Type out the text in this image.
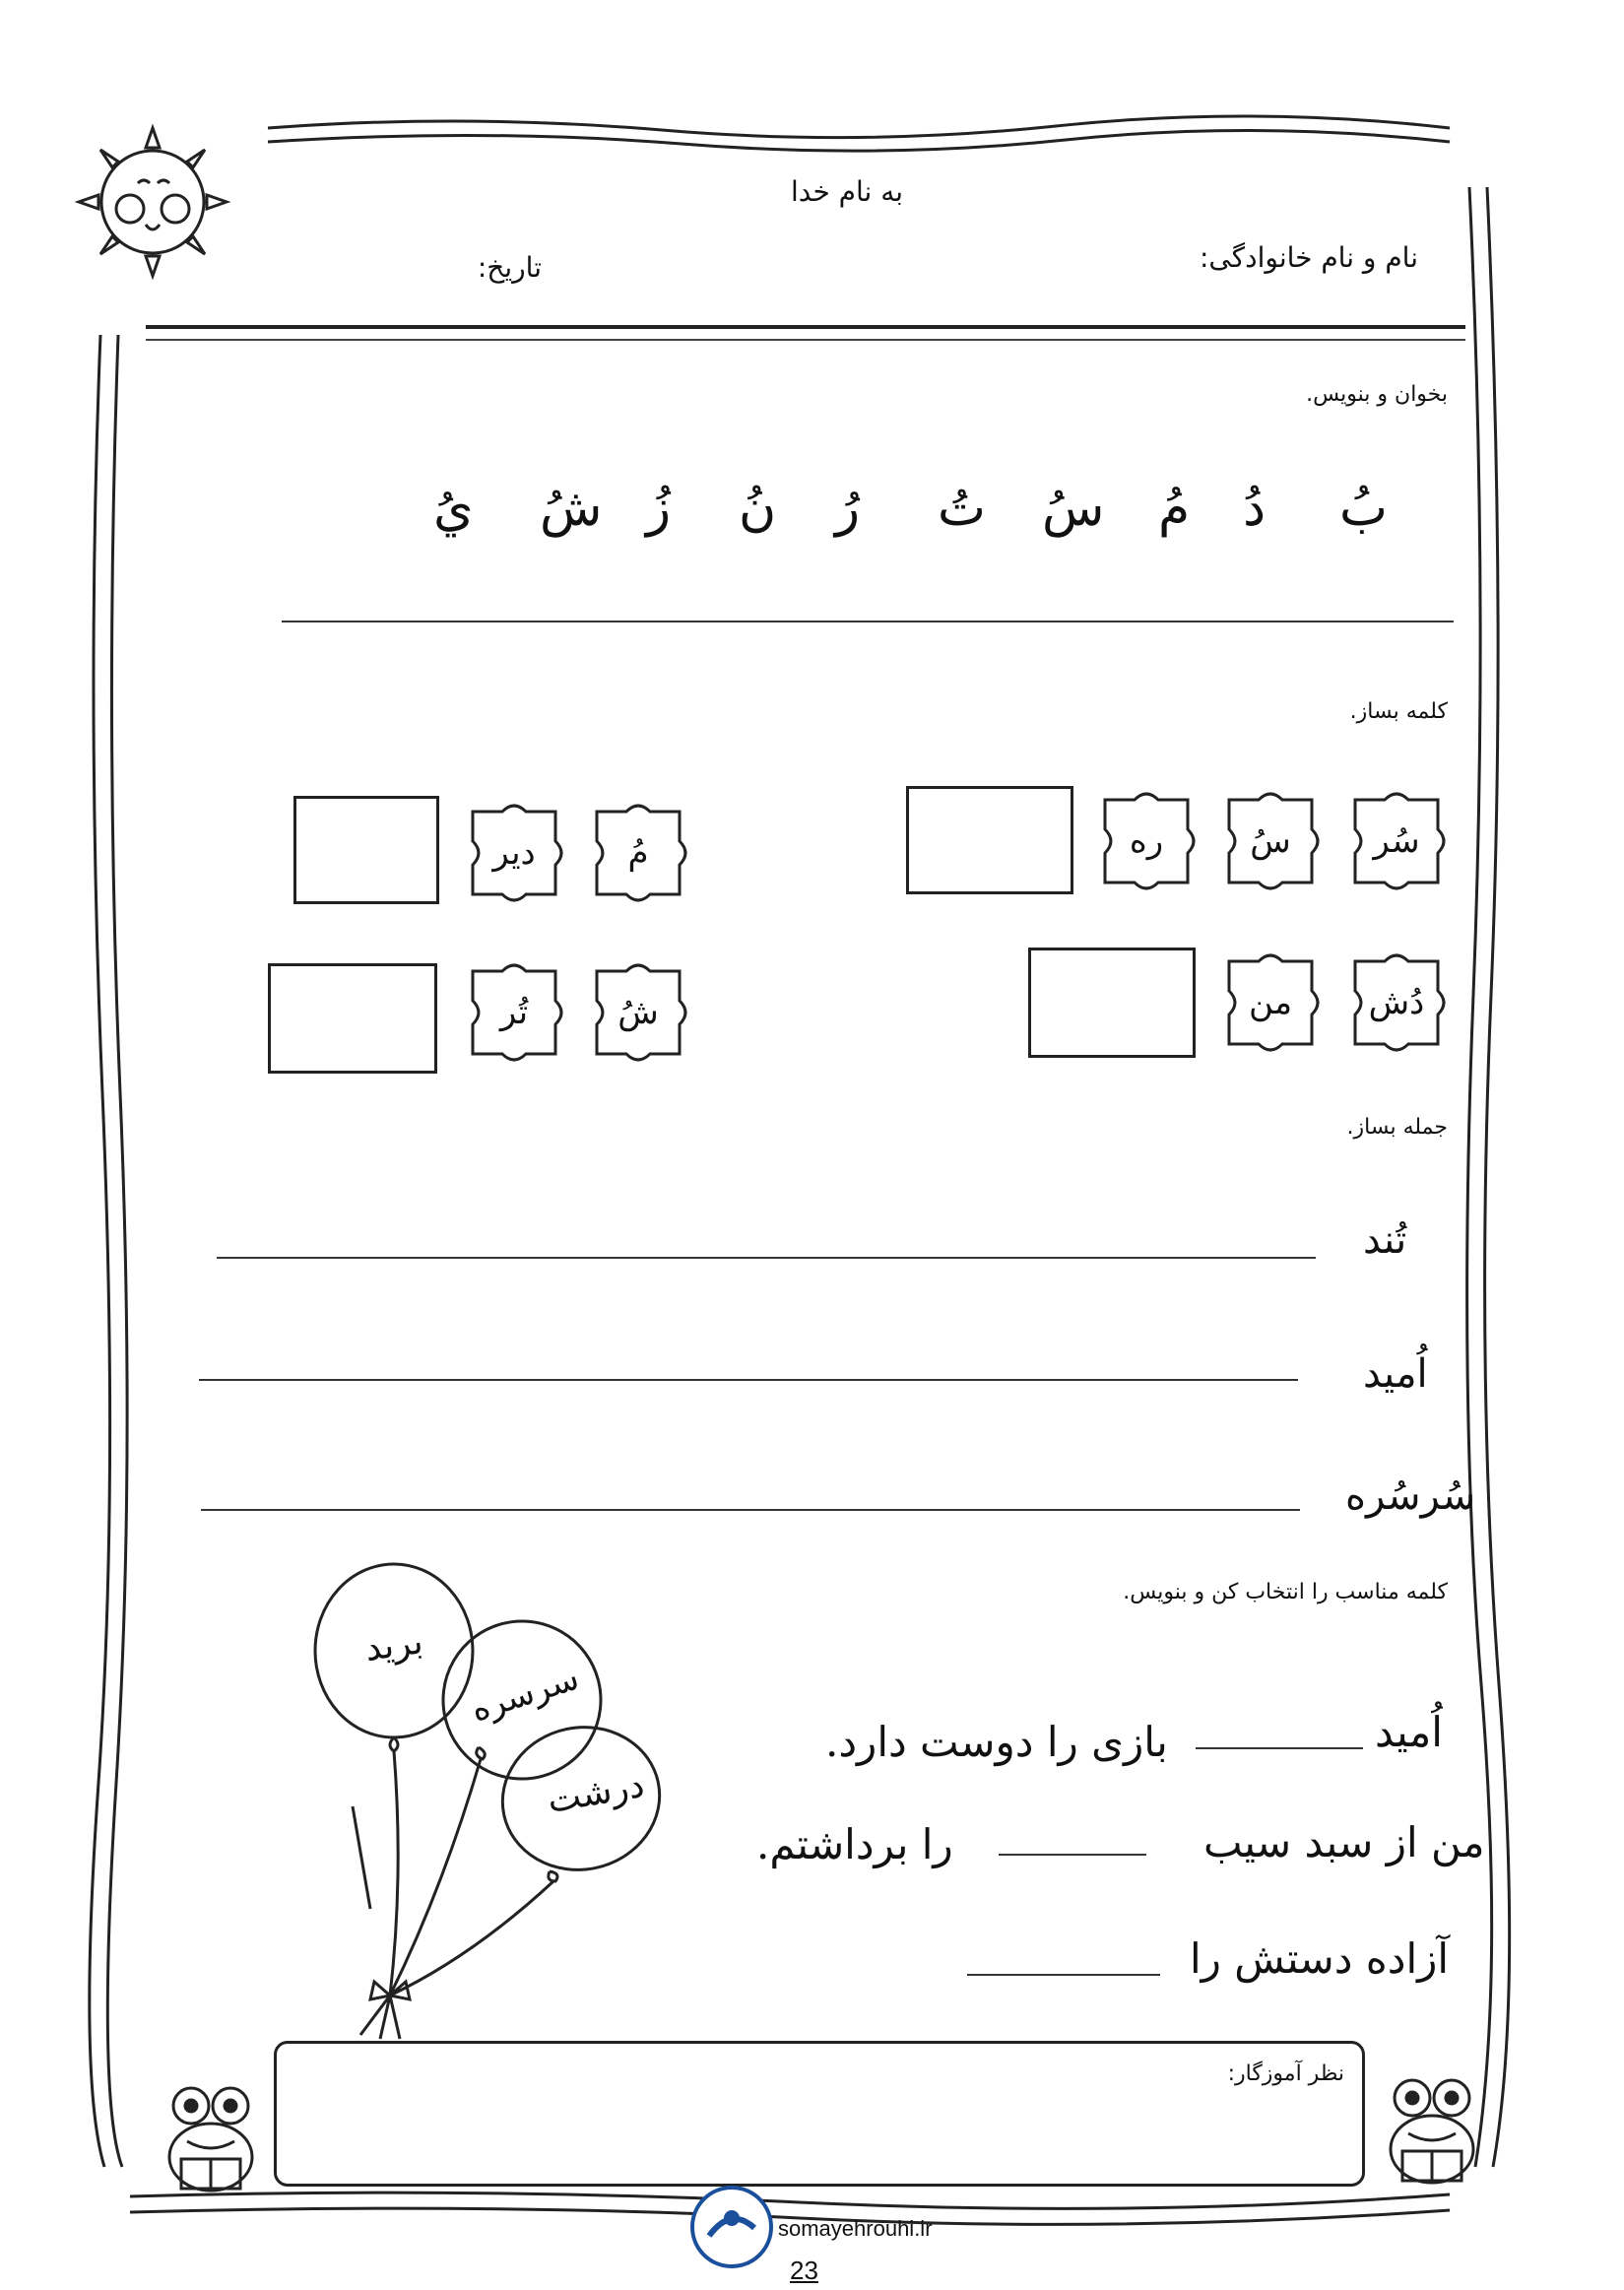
به نام خدا
نام و نام خانوادگی:
تاریخ:
بخوان و بنویس.
بُ
دُ
مُ
سُ
تُ
رُ
نُ
زُ
شُ
يُ
کلمه بساز.
سُر
سُ
ره
مُ
دیر
دُش
من
شُ
تُر
جمله بساز.
تُند
اُمید
سُرسُره
کلمه مناسب را انتخاب کن و بنویس.
برید
سرسره
درشت
اُمید
بازی را دوست دارد.
من از سبد سیب
را برداشتم.
آزاده دستش را
نظر آموزگار:
somayehrouhi.ir
23
